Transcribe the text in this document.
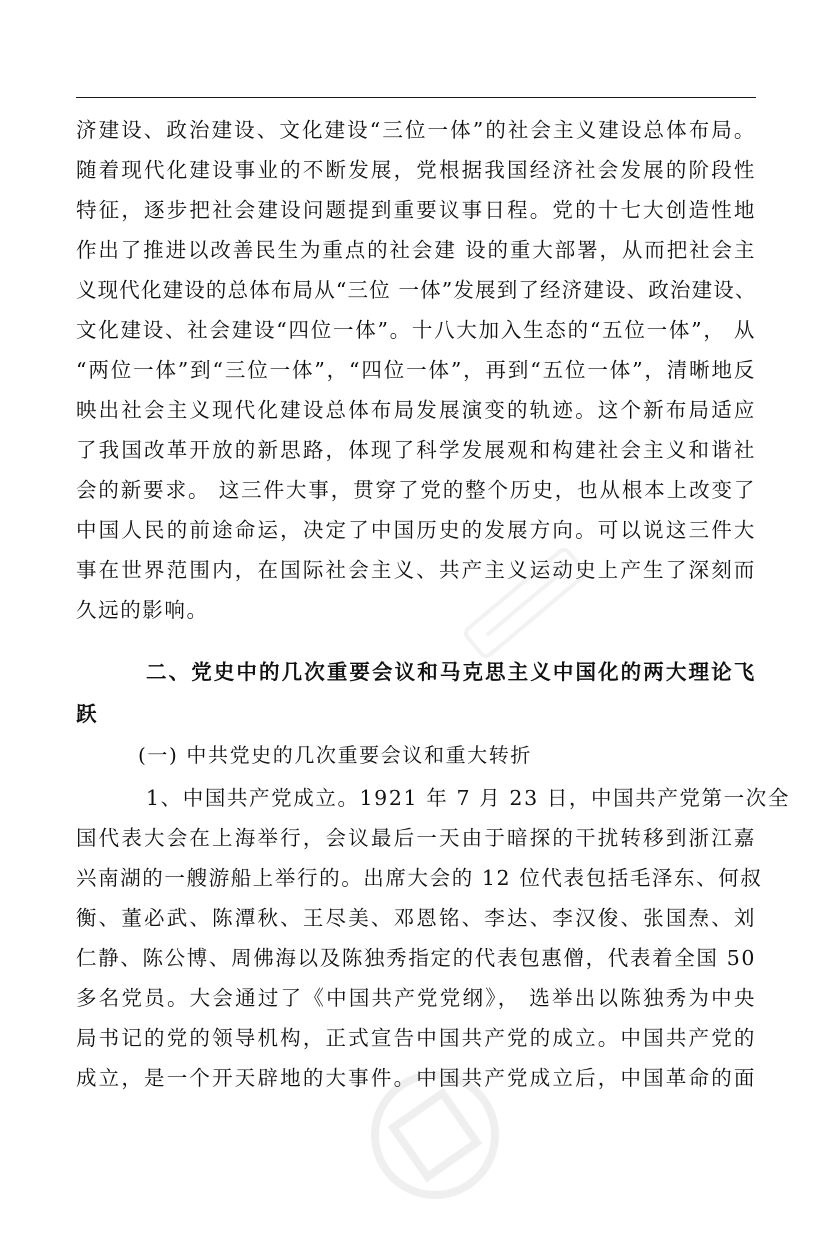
济建设、政治建设、文化建设“三位一体”的社会主义建设总体布局。
随着现代化建设事业的不断发展，党根据我国经济社会发展的阶段性
特征，逐步把社会建设问题提到重要议事日程。党的十七大创造性地
作出了推进以改善民生为重点的社会建 设的重大部署，从而把社会主
义现代化建设的总体布局从“三位 一体”发展到了经济建设、政治建设、
文化建设、社会建设“四位一体”。十八大加入生态的“五位一体”， 从
“两位一体”到“三位一体”，“四位一体”，再到“五位一体”，清晰地反
映出社会主义现代化建设总体布局发展演变的轨迹。这个新布局适应
了我国改革开放的新思路，体现了科学发展观和构建社会主义和谐社
会的新要求。 这三件大事，贯穿了党的整个历史，也从根本上改变了
中国人民的前途命运，决定了中国历史的发展方向。可以说这三件大
事在世界范围内，在国际社会主义、共产主义运动史上产生了深刻而
久远的影响。
二、党史中的几次重要会议和马克思主义中国化的两大理论飞
跃
(一) 中共党史的几次重要会议和重大转折
1、中国共产党成立。1921 年 7 月 23 日，中国共产党第一次全
国代表大会在上海举行，会议最后一天由于暗探的干扰转移到浙江嘉
兴南湖的一艘游船上举行的。出席大会的 12 位代表包括毛泽东、何叔
衡、董必武、陈潭秋、王尽美、邓恩铭、李达、李汉俊、张国焘、刘
仁静、陈公博、周佛海以及陈独秀指定的代表包惠僧，代表着全国 50
多名党员。大会通过了《中国共产党党纲》， 选举出以陈独秀为中央
局书记的党的领导机构，正式宣告中国共产党的成立。中国共产党的
成立，是一个开天辟地的大事件。中国共产党成立后，中国革命的面
